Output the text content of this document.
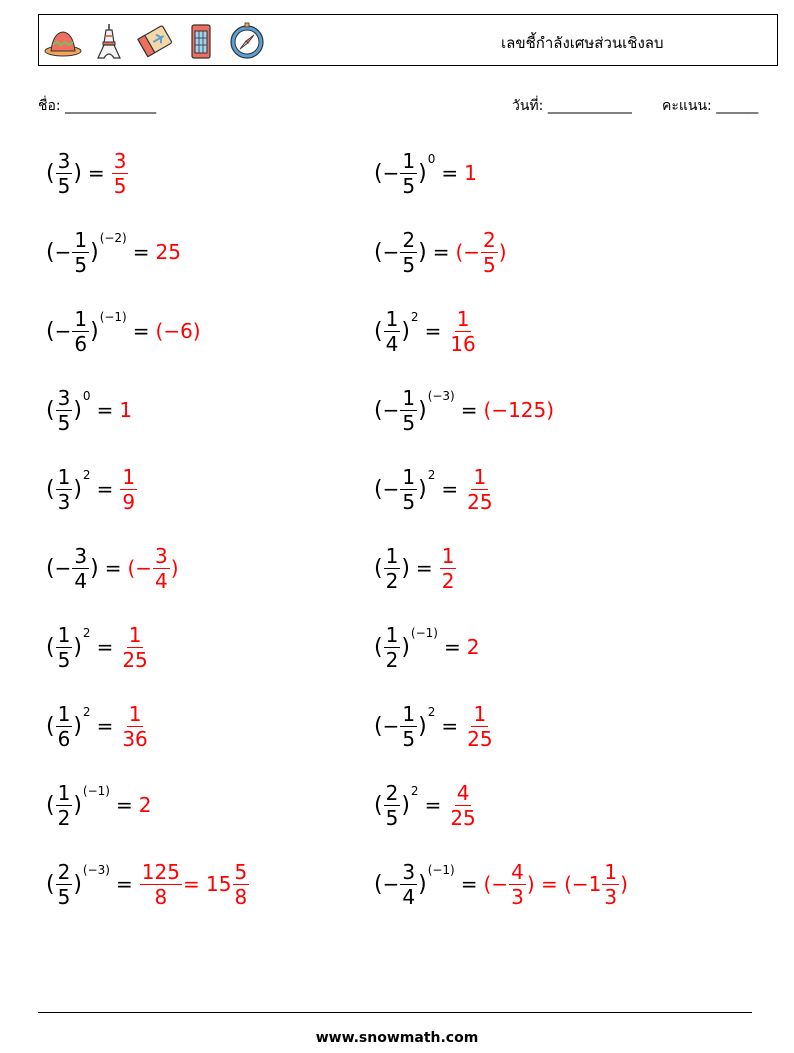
เลขชี้กำลังเศษส่วนเชิงลบ
ชื่อ: _____________	วันที่: ____________ คะแนน: ______
( $\frac{3}{5}$ ) = $\frac{3}{5}$	( − $\frac{1}{5}$ )
0
= 1
( − $\frac{1}{5}$ )
(−2)
= 25	( − $\frac{2}{5}$ ) = (− $\frac{2}{5}$ )
( − $\frac{1}{6}$ )
(−1)
= (−6)	( $\frac{1}{4}$ )
2
= $\frac{1}{16}$
( $\frac{3}{5}$ )
0
= 1	( − $\frac{1}{5}$ )
(−3)
= (−125)
( $\frac{1}{3}$ )
2
= $\frac{1}{9}$	( − $\frac{1}{5}$ )
2
= $\frac{1}{25}$
( − $\frac{3}{4}$ ) = (− $\frac{3}{4}$ )	( $\frac{1}{2}$ ) = $\frac{1}{2}$
( $\frac{1}{5}$ )
2
= $\frac{1}{25}$	( $\frac{1}{2}$ )
(−1)
= 2
( $\frac{1}{6}$ )
2
= $\frac{1}{36}$	( − $\frac{1}{5}$ )
2
= $\frac{1}{25}$
( $\frac{1}{2}$ )
(−1)
= 2	( $\frac{2}{5}$ )
2
= $\frac{4}{25}$
( $\frac{2}{5}$ )
(−3)
= $\frac{125}{8} = 15 \frac{5}{8}$	( − $\frac{3}{4}$ )
(−1)
= (− $\frac{4}{3}$ ) = ($-1 \frac{1}{3}$ )
www.snowmath.com
